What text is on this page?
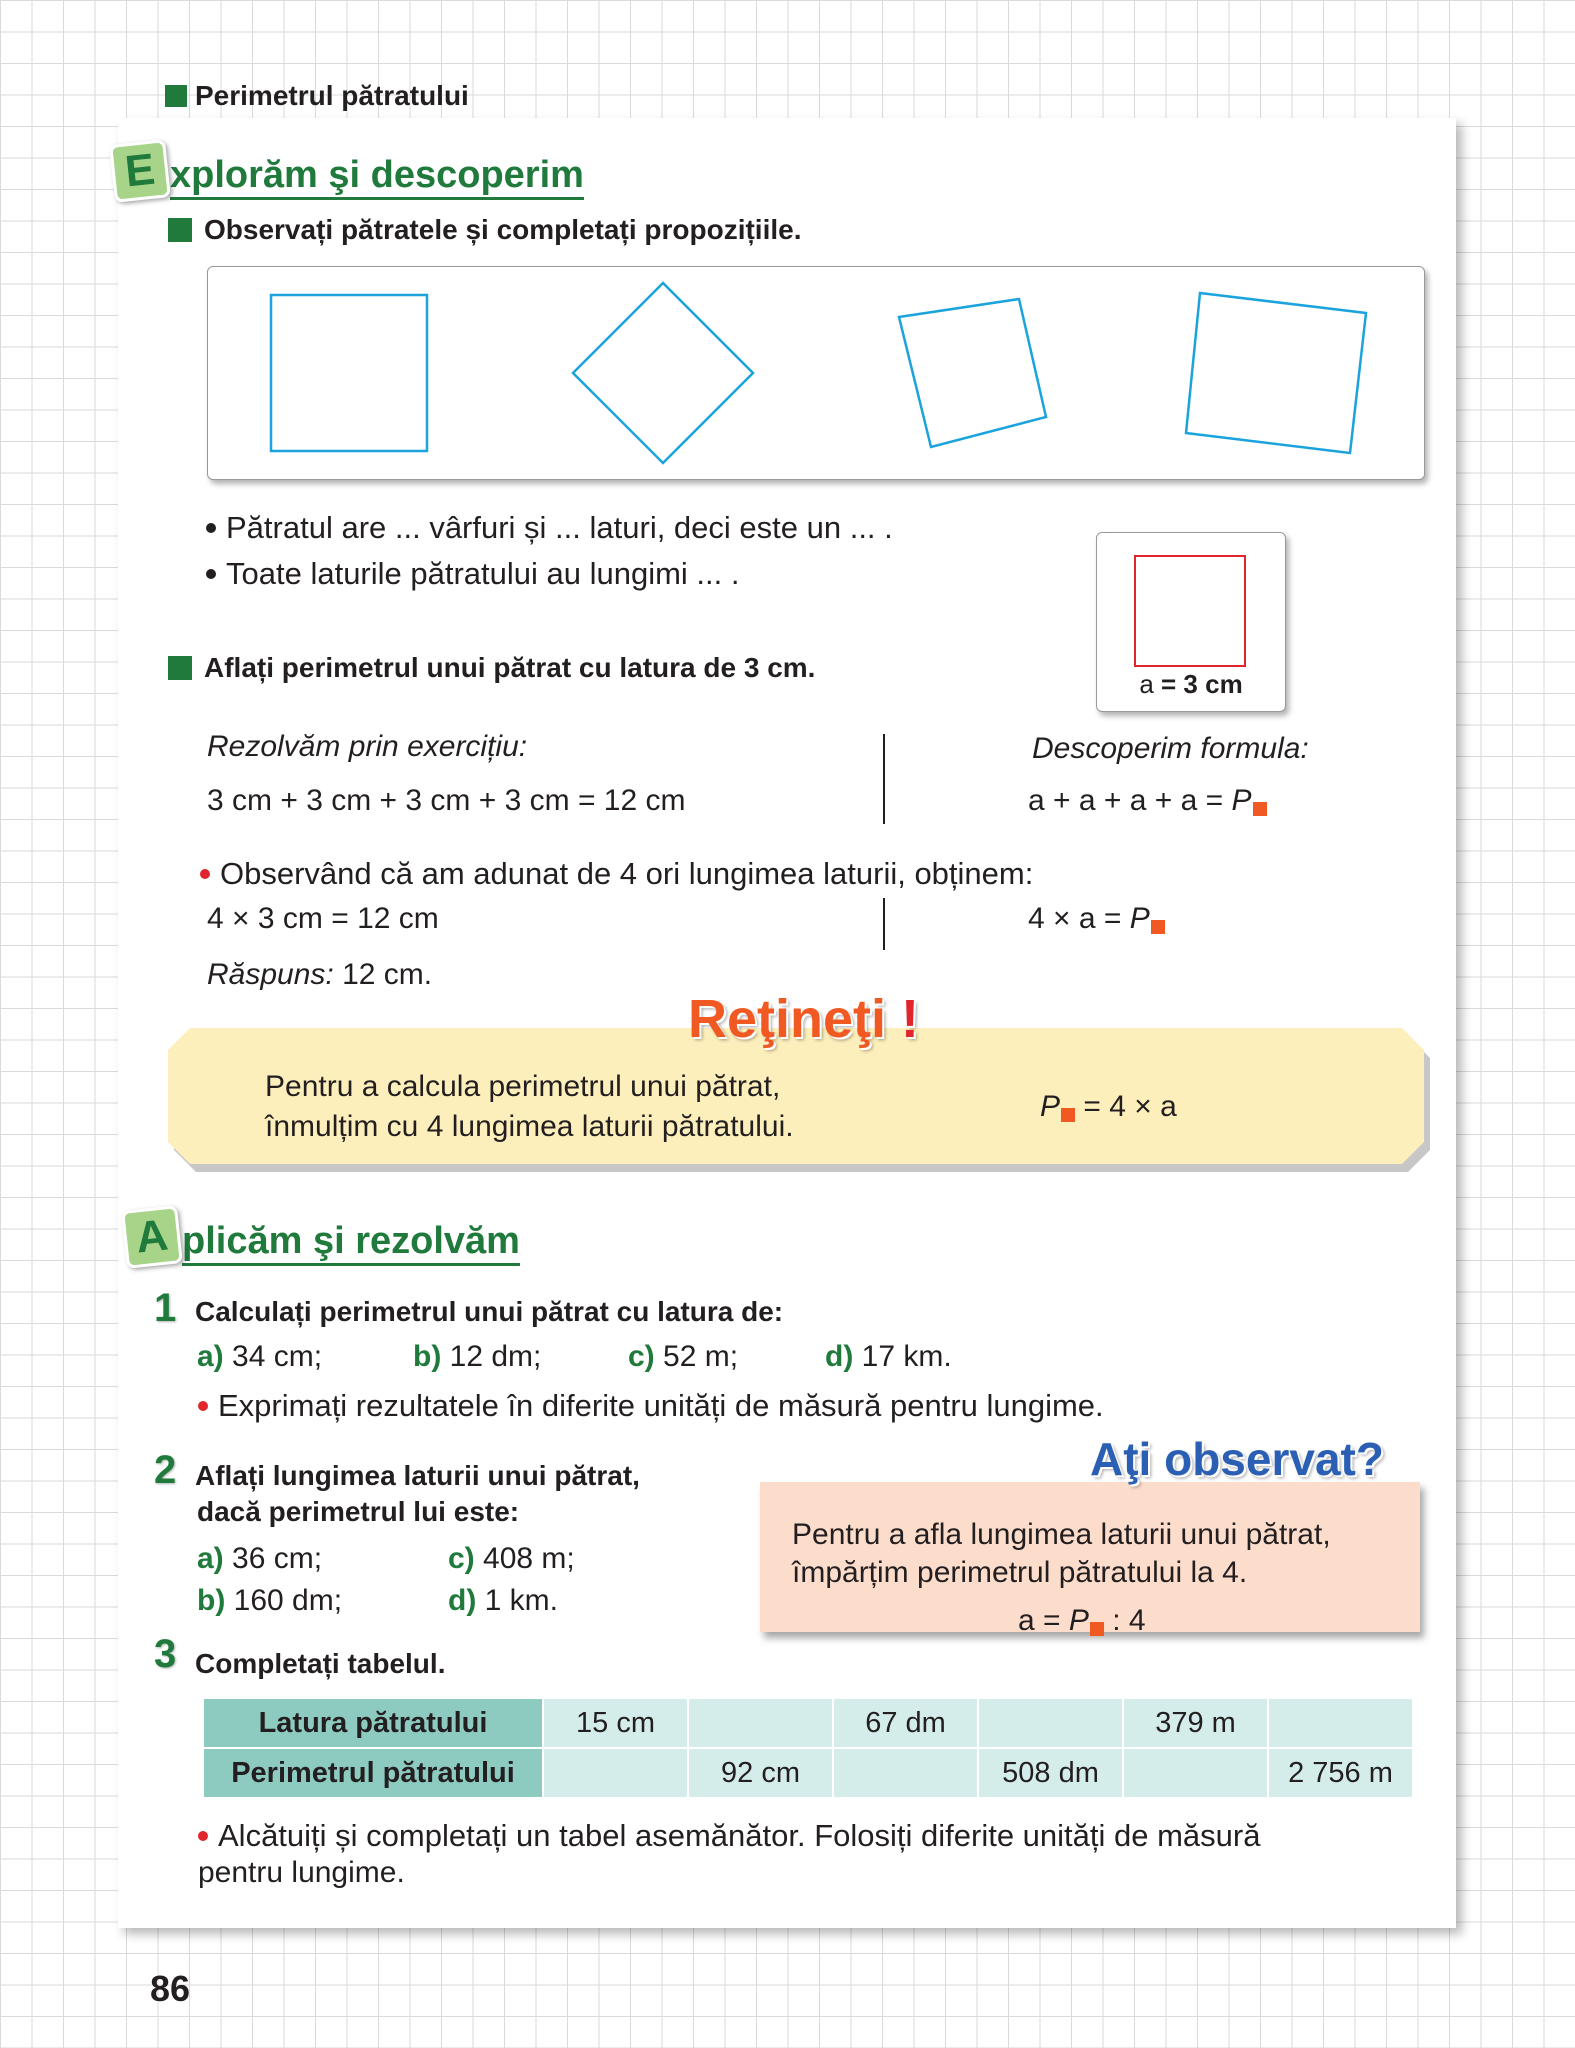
Perimetrul pătratului
E xplorăm şi descoperim
Observați pătratele și completați propozițiile.
Pătratul are ... vârfuri și ... laturi, deci este un ... .
Toate laturile pătratului au lungimi ... .
a = 3 cm
Aflați perimetrul unui pătrat cu latura de 3 cm.
Rezolvăm prin exercițiu:
3 cm + 3 cm + 3 cm + 3 cm = 12 cm
Descoperim formula:
a + a + a + a = P
Observând că am adunat de 4 ori lungimea laturii, obținem:
4 × 3 cm = 12 cm	4 × a = P
Răspuns: 12 cm.
Reţineţi !
Pentru a calcula perimetrul unui pătrat,
înmulțim cu 4 lungimea laturii pătratului.
P = 4 × a
A plicăm şi rezolvăm
1 Calculați perimetrul unui pătrat cu latura de:
a) 34 cm;	b) 12 dm;	c) 52 m;	d) 17 km.
Exprimați rezultatele în diferite unități de măsură pentru lungime.
2 Aflați lungimea laturii unui pătrat,
dacă perimetrul lui este:
a) 36 cm;	c) 408 m;
b) 160 dm;	d) 1 km.
Aţi observat?
Pentru a afla lungimea laturii unui pătrat,
împărțim perimetrul pătratului la 4.
a = P : 4
3 Completați tabelul.
Latura pătratului	15 cm		67 dm		379 m	
Perimetrul pătratului		92 cm		508 dm		2 756 m
Alcătuiți și completați un tabel asemănător. Folosiți diferite unități de măsură
pentru lungime.
86
